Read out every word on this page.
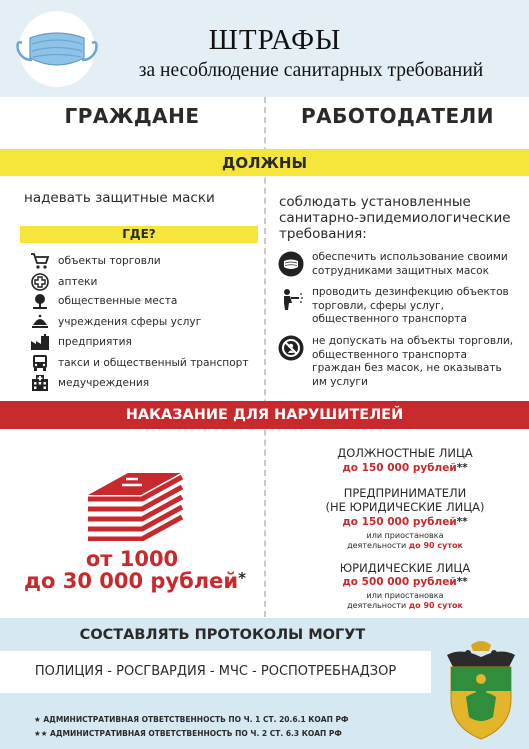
ШТРАФЫ
за несоблюдение санитарных требований
ГРАЖДАНЕ	РАБОТОДАТЕЛИ
ДОЛЖНЫ
надевать защитные маски
ГДЕ?
объекты торговли
аптеки
общественные места
учреждения сферы услуг
предприятия
такси и общественный транспорт
медучреждения
соблюдать установленные
санитарно-эпидемиологические
требования:
обеспечить использование своими
сотрудниками защитных масок
проводить дезинфекцию объектов
торговли, сферы услуг,
общественного транспорта
не допускать на объекты торговли,
общественного транспорта
граждан без масок, не оказывать
им услуги
НАКАЗАНИЕ ДЛЯ НАРУШИТЕЛЕЙ
от 1000
до 30 000 рублей*
ДОЛЖНОСТНЫЕ ЛИЦА
до 150 000 рублей**
ПРЕДПРИНИМАТЕЛИ
(НЕ ЮРИДИЧЕСКИЕ ЛИЦА)
до 150 000 рублей**
или приостановка
деятельности до 90 суток
ЮРИДИЧЕСКИЕ ЛИЦА
до 500 000 рублей**
или приостановка
деятельности до 90 суток
СОСТАВЛЯТЬ ПРОТОКОЛЫ МОГУТ
ПОЛИЦИЯ - РОСГВАРДИЯ - МЧС - РОСПОТРЕБНАДЗОР
★ АДМИНИСТРАТИВНАЯ ОТВЕТСТВЕННОСТЬ ПО Ч. 1 СТ. 20.6.1 КОАП РФ
★★ АДМИНИСТРАТИВНАЯ ОТВЕТСТВЕННОСТЬ ПО Ч. 2 СТ. 6.3 КОАП РФ
